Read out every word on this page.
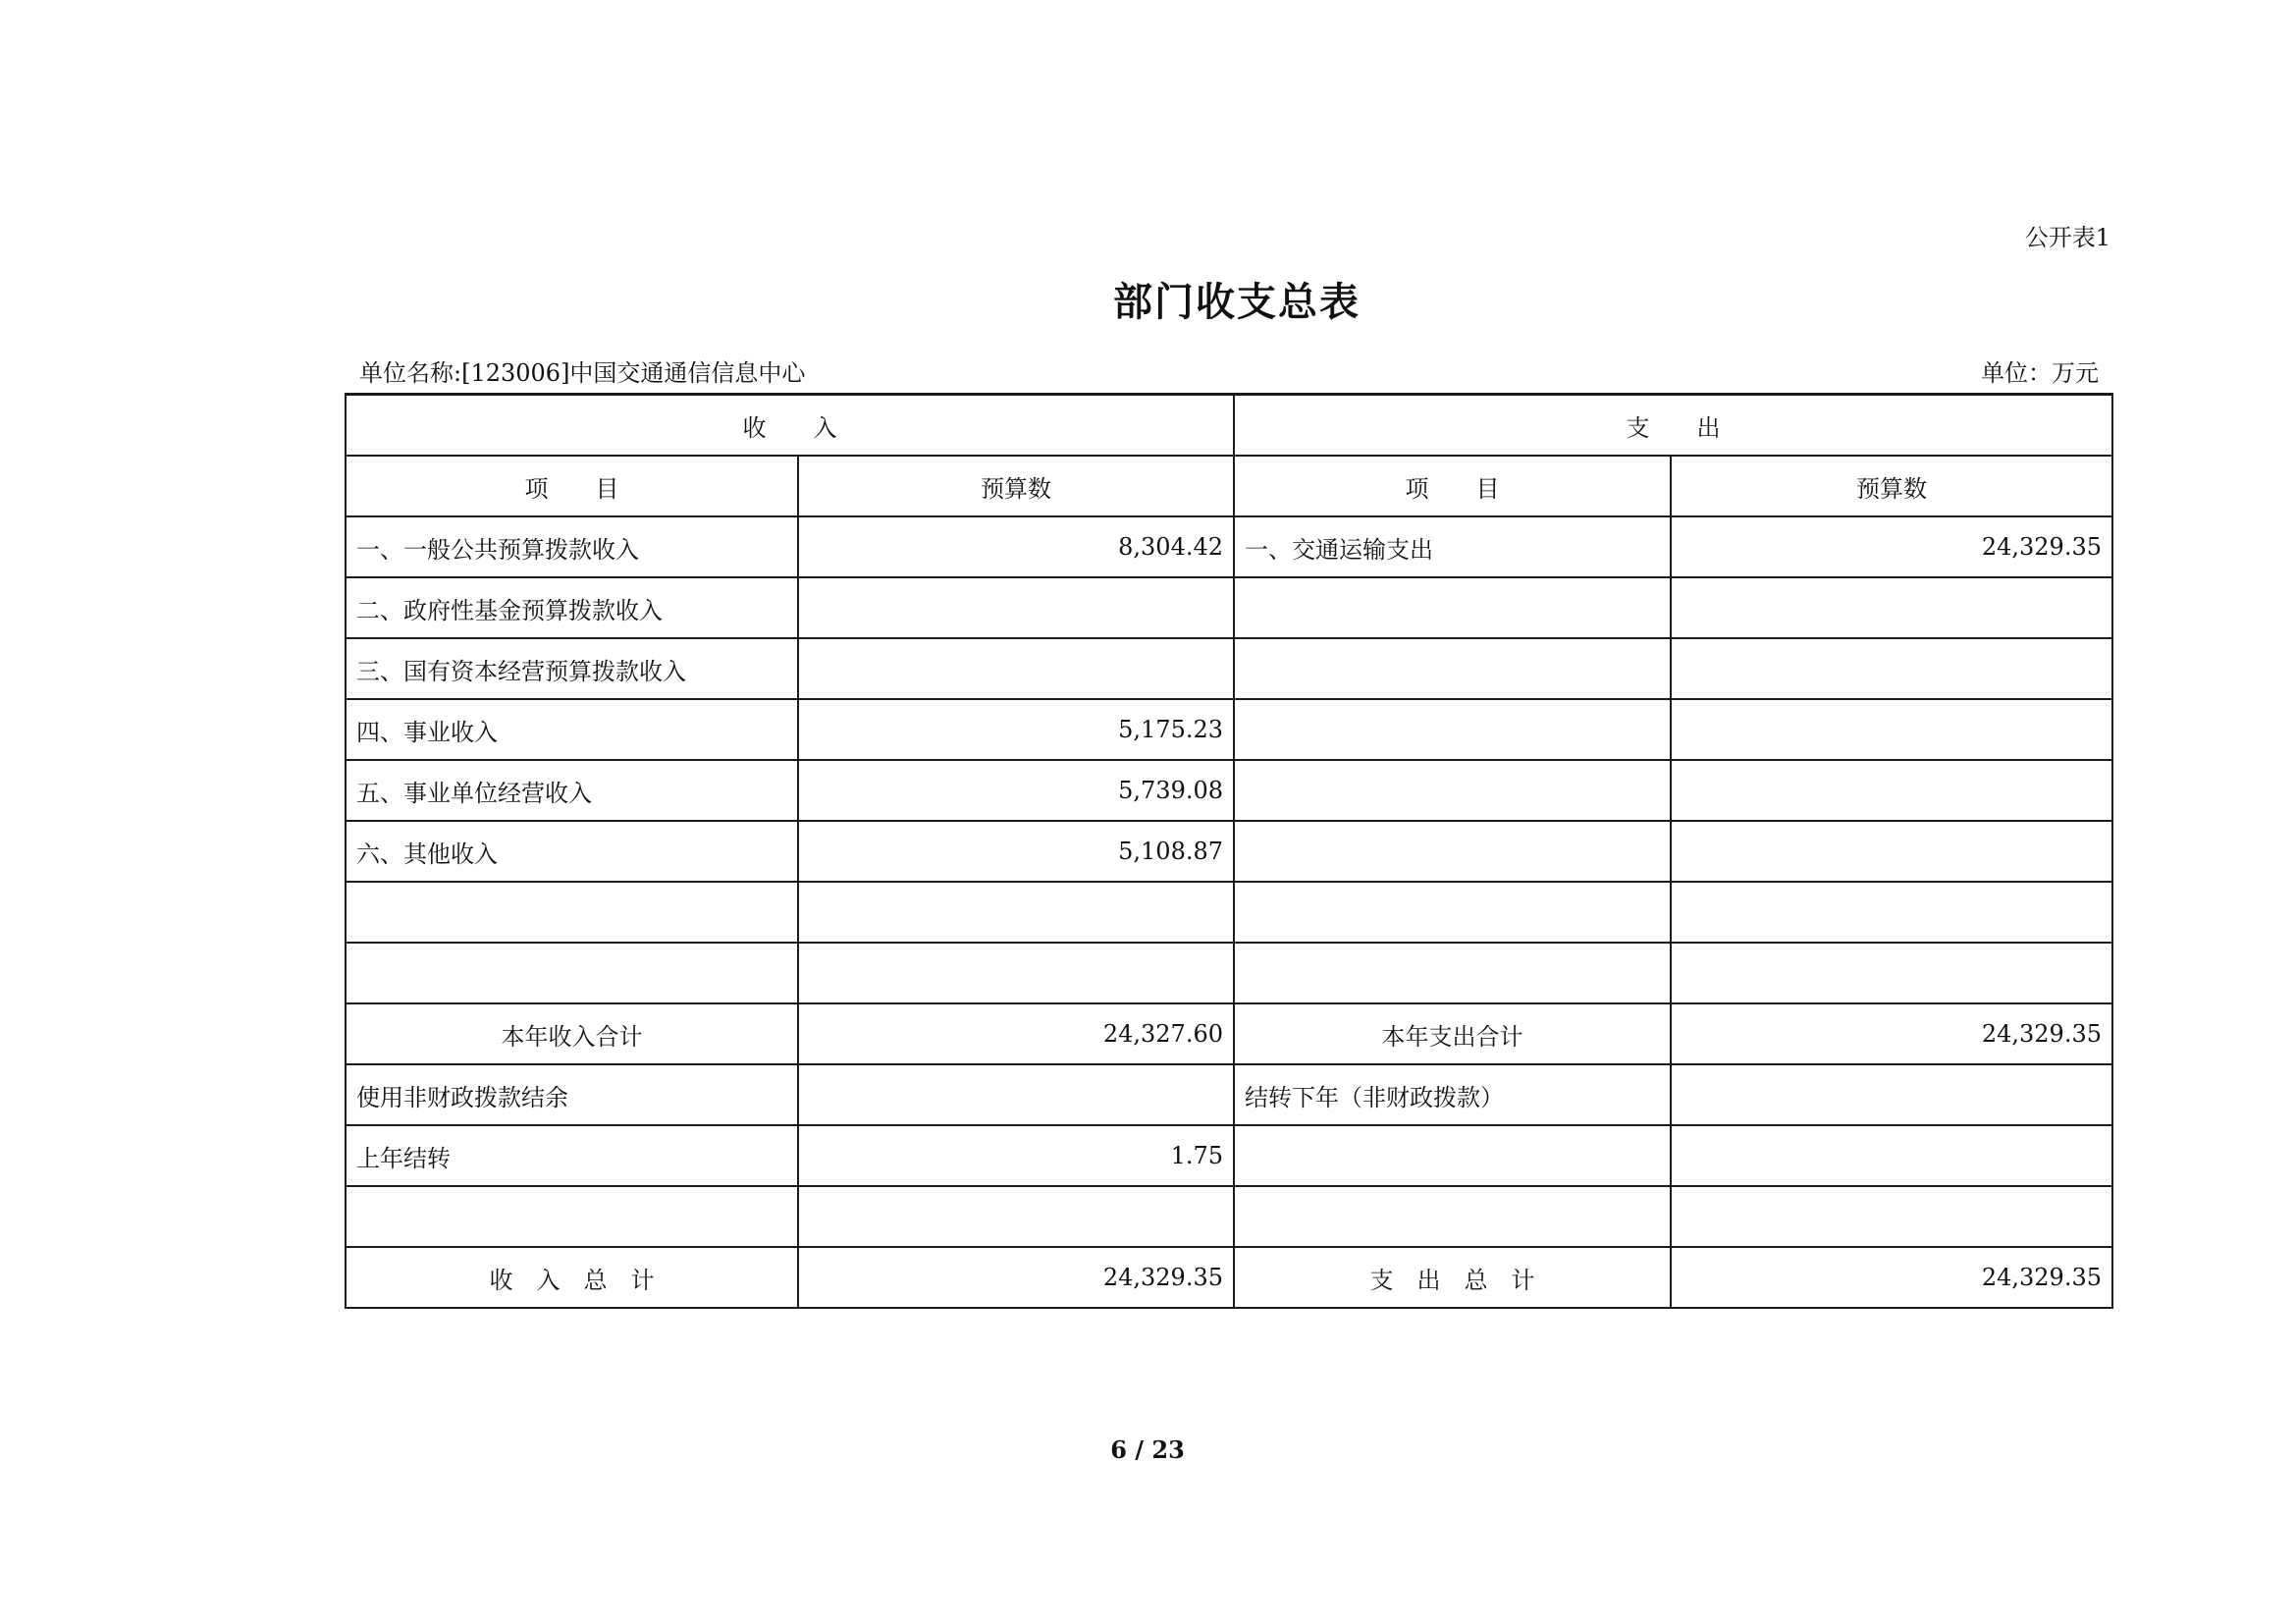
公开表1
部门收支总表
单位名称:[123006]中国交通通信信息中心	单位：万元
收　　入		支　　出	
项　　目	预算数	项　　目	预算数
一、一般公共预算拨款收入	8,304.42	一、交通运输支出	24,329.35
二、政府性基金预算拨款收入			
三、国有资本经营预算拨款收入			
四、事业收入	5,175.23		
五、事业单位经营收入	5,739.08		
六、其他收入	5,108.87		

本年收入合计	24,327.60	本年支出合计	24,329.35
使用非财政拨款结余		结转下年（非财政拨款）	
上年结转	1.75		

收　入　总　计	24,329.35	支　出　总　计	24,329.35
6 / 23
